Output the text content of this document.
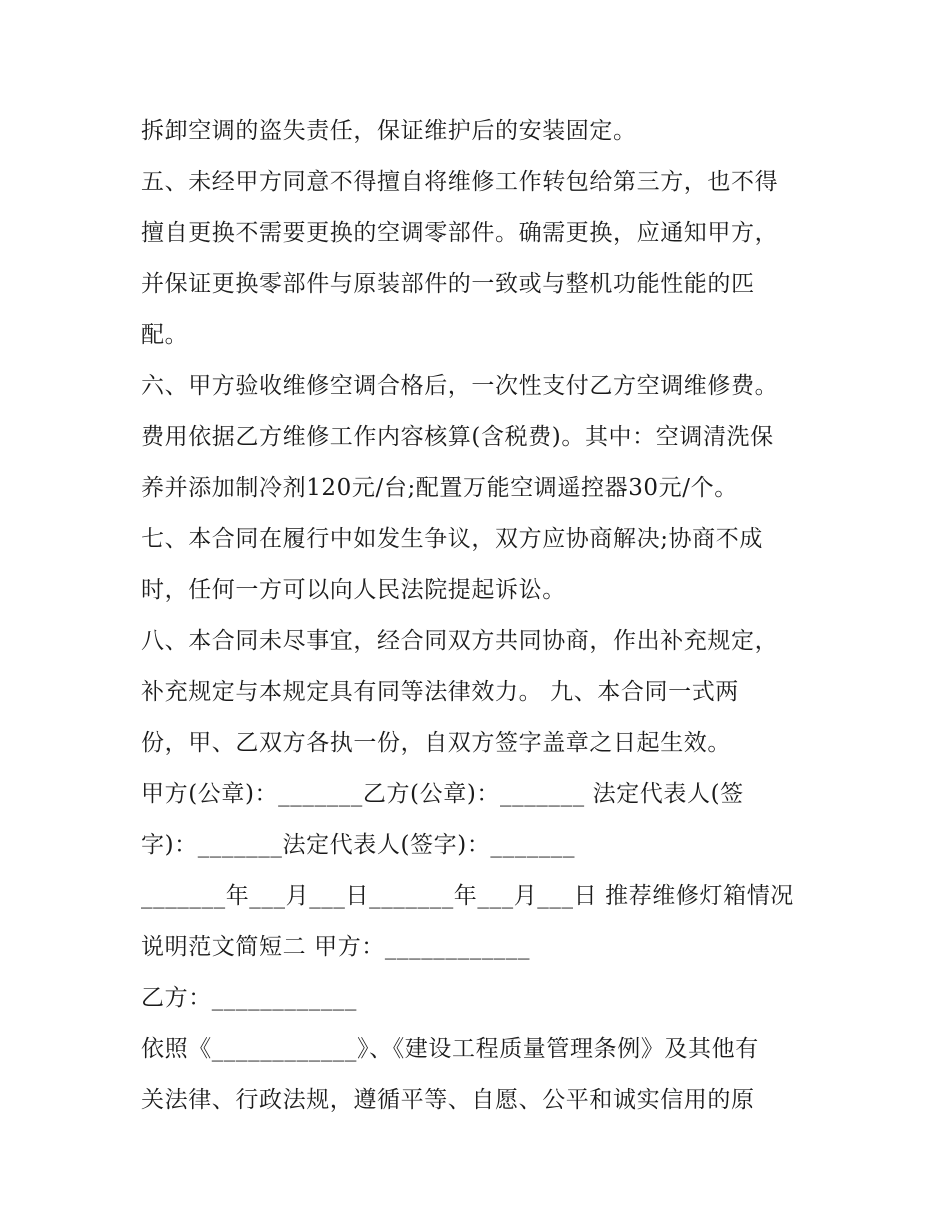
拆卸空调的盗失责任，保证维护后的安装固定。
五、未经甲方同意不得擅自将维修工作转包给第三方，也不得
擅自更换不需要更换的空调零部件。确需更换，应通知甲方，
并保证更换零部件与原装部件的一致或与整机功能性能的匹
配。
六、甲方验收维修空调合格后，一次性支付乙方空调维修费。
费用依据乙方维修工作内容核算(含税费)。其中：空调清洗保
养并添加制冷剂120元/台;配置万能空调遥控器30元/个。
七、本合同在履行中如发生争议，双方应协商解决;协商不成
时，任何一方可以向人民法院提起诉讼。
八、本合同未尽事宜，经合同双方共同协商，作出补充规定，
补充规定与本规定具有同等法律效力。 九、本合同一式两
份，甲、乙双方各执一份，自双方签字盖章之日起生效。
甲方(公章)：_______乙方(公章)：_______ 法定代表人(签
字)：_______法定代表人(签字)：_______
_______年___月___日_______年___月___日 推荐维修灯箱情况
说明范文简短二 甲方：____________
乙方：____________
依照《____________》、《建设工程质量管理条例》及其他有
关法律、行政法规，遵循平等、自愿、公平和诚实信用的原
